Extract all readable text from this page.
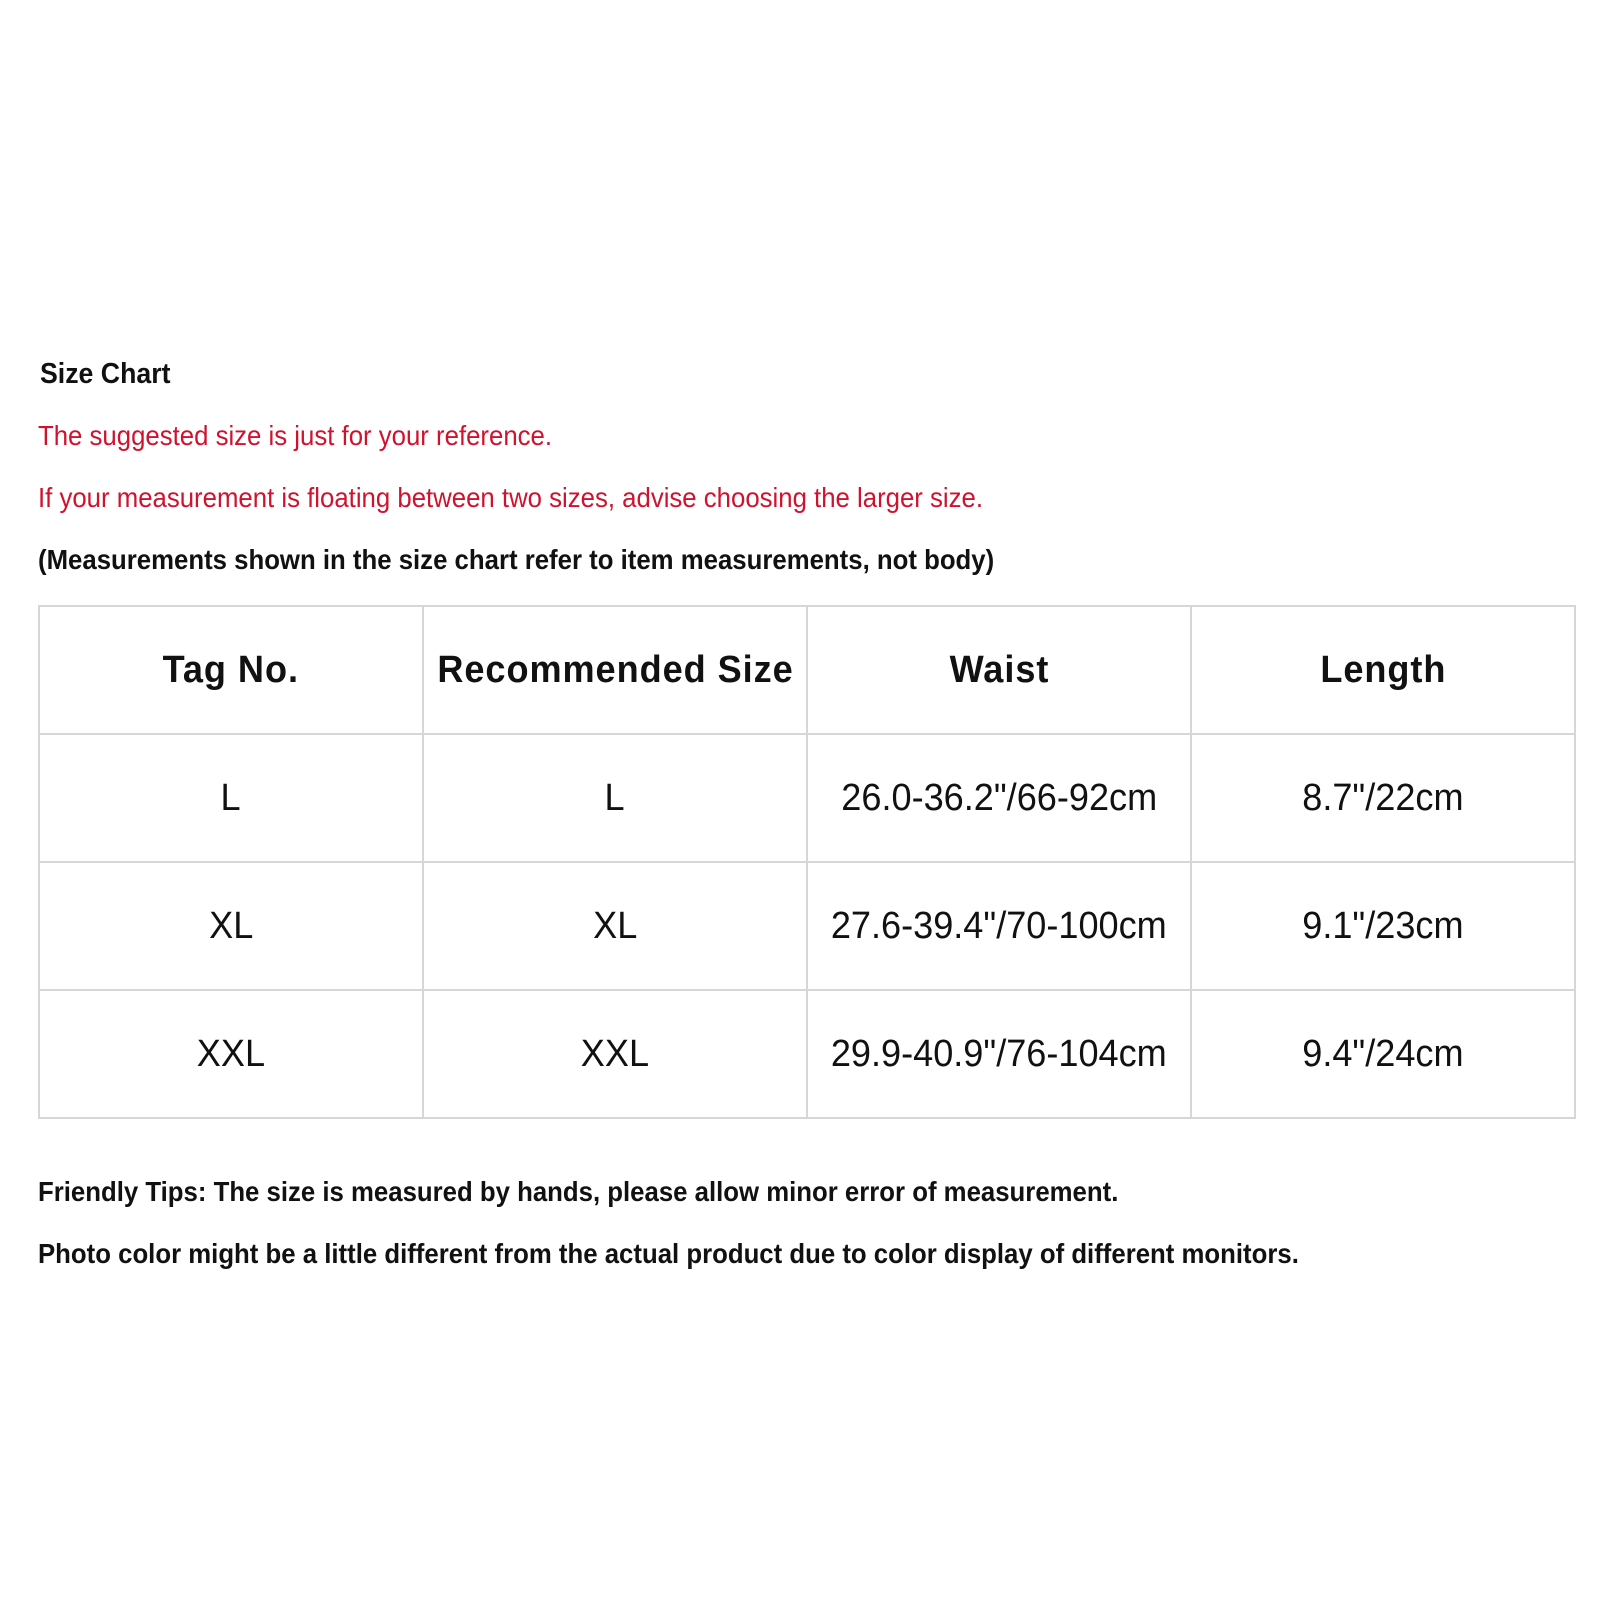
Size Chart
The suggested size is just for your reference.
If your measurement is floating between two sizes, advise choosing the larger size.
(Measurements shown in the size chart refer to item measurements, not body)
Tag No.	Recommended Size	Waist	Length
L	L	26.0-36.2"/66-92cm	8.7"/22cm
XL	XL	27.6-39.4"/70-100cm	9.1"/23cm
XXL	XXL	29.9-40.9"/76-104cm	9.4"/24cm
Friendly Tips: The size is measured by hands, please allow minor error of measurement.
Photo color might be a little different from the actual product due to color display of different monitors.
